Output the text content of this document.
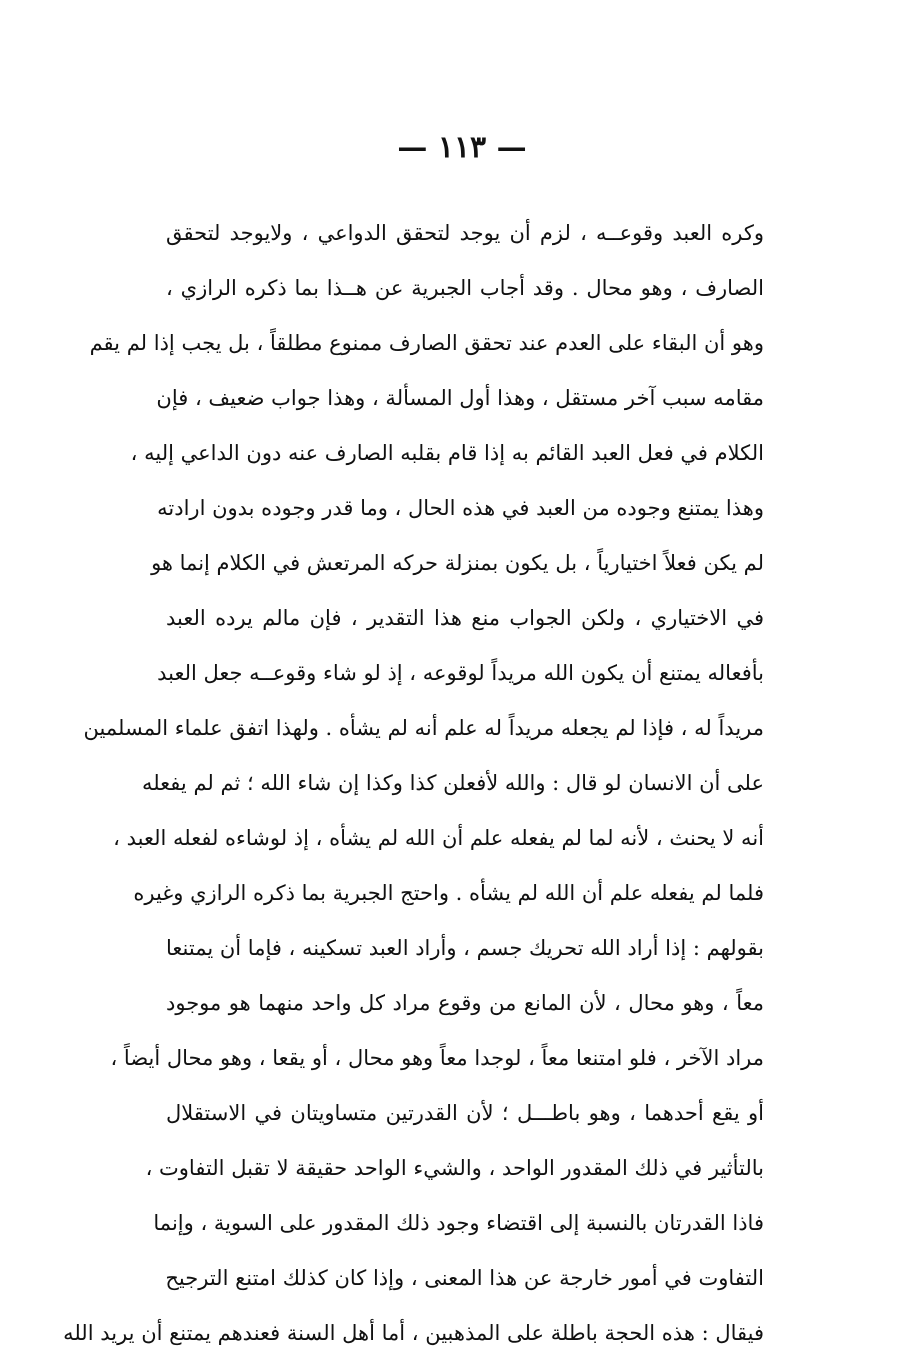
— ١١٣ —
وكره العبد وقوعــه ، لزم أن يوجد لتحقق الدواعي ، ولايوجد لتحقق
الصارف ، وهو محال . وقد أجاب الجبرية عن هــذا بما ذكره الرازي ،
وهو أن البقاء على العدم عند تحقق الصارف ممنوع مطلقاً ، بل يجب إذا لم يقم
مقامه سبب آخر مستقل ، وهذا أول المسألة ، وهذا جواب ضعيف ، فإن
الكلام في فعل العبد القائم به إذا قام بقلبه الصارف عنه دون الداعي إليه ،
وهذا يمتنع وجوده من العبد في هذه الحال ، وما قدر وجوده بدون ارادته
لم يكن فعلاً اختيارياً ، بل يكون بمنزلة حركه المرتعش في الكلام إنما هو
في الاختياري ، ولكن الجواب منع هذا التقدير ، فإن مالم يرده العبد
بأفعاله يمتنع أن يكون الله مريداً لوقوعه ، إذ لو شاء وقوعــه جعل العبد
مريداً له ، فإذا لم يجعله مريداً له علم أنه لم يشأه . ولهذا اتفق علماء المسلمين
على أن الانسان لو قال : والله لأفعلن كذا وكذا إن شاء الله ؛ ثم لم يفعله
أنه لا يحنث ، لأنه لما لم يفعله علم أن الله لم يشأه ، إذ لوشاءه لفعله العبد ،
فلما لم يفعله علم أن الله لم يشأه . واحتج الجبرية بما ذكره الرازي وغيره
بقولهم : إذا أراد الله تحريك جسم ، وأراد العبد تسكينه ، فإما أن يمتنعا
معاً ، وهو محال ، لأن المانع من وقوع مراد كل واحد منهما هو موجود
مراد الآخر ، فلو امتنعا معاً ، لوجدا معاً وهو محال ، أو يقعا ، وهو محال أيضاً ،
أو يقع أحدهما ، وهو باطـــل ؛ لأن القدرتين متساويتان في الاستقلال
بالتأثير في ذلك المقدور الواحد ، والشيء الواحد حقيقة لا تقبل التفاوت ،
فاذا القدرتان بالنسبة إلى اقتضاء وجود ذلك المقدور على السوية ، وإنما
التفاوت في أمور خارجة عن هذا المعنى ، وإذا كان كذلك امتنع الترجيح
فيقال : هذه الحجة باطلة على المذهبين ، أما أهل السنة فعندهم يمتنع أن يريد الله
